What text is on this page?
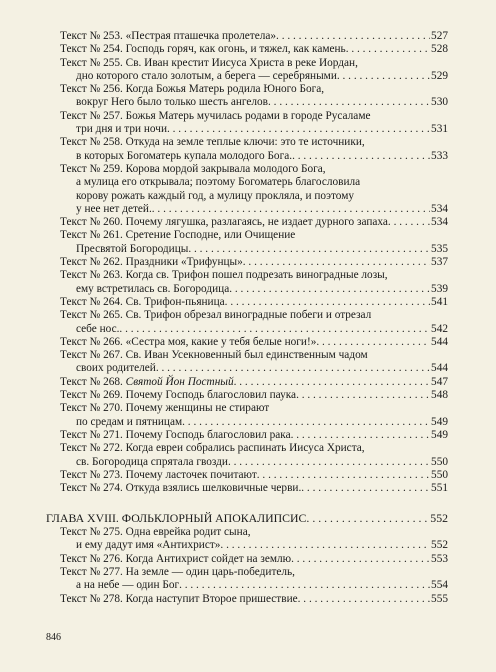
Текст № 253. «Пестрая пташечка пролетела» . . .	527
Текст № 254. Господь горяч, как огонь, и тяжел, как камень . . .	528
Текст № 255. Св. Иван крестит Иисуса Христа в реке Иордан,
дно которого стало золотым, а берега — серебряными . . .	529
Текст № 256. Когда Божья Матерь родила Юного Бога,
вокруг Него было только шесть ангелов . . .	530
Текст № 257. Божья Матерь мучилась родами в городе Русаламе
три дня и три ночи . . .	531
Текст № 258. Откуда на земле теплые ключи: это те источники,
в которых Богоматерь купала молодого Бога. . . .	533
Текст № 259. Корова мордой закрывала молодого Бога,
а мулица его открывала; поэтому Богоматерь благословила
корову рожать каждый год, а мулицу прокляла, и поэтому
у нее нет детей. . . .	534
Текст № 260. Почему лягушка, разлагаясь, не издает дурного запаха . . .	534
Текст № 261. Сретение Господне, или Очищение
Пресвятой Богородицы . . .	535
Текст № 262. Праздники «Трифунцы» . . .	537
Текст № 263. Когда св. Трифон пошел подрезать виноградные лозы,
ему встретилась св. Богородица . . .	539
Текст № 264. Св. Трифон-пьяница . . .	541
Текст № 265. Св. Трифон обрезал виноградные побеги и отрезал
себе нос. . . .	542
Текст № 266. «Сестра моя, какие у тебя белые ноги!» . . .	544
Текст № 267. Св. Иван Усекновенный был единственным чадом
своих родителей . . .	544
Текст № 268. Святой Йон Постный . . .	547
Текст № 269. Почему Господь благословил паука . . .	548
Текст № 270. Почему женщины не стирают
по средам и пятницам . . .	549
Текст № 271. Почему Господь благословил рака . . .	549
Текст № 272. Когда евреи собрались распинать Иисуса Христа,
св. Богородица спрятала гвозди . . .	550
Текст № 273. Почему ласточек почитают . . .	550
Текст № 274. Откуда взялись шелковичные черви. . . .	551
ГЛАВА XVIII. ФОЛЬКЛОРНЫЙ АПОКАЛИПСИС . . .	552
Текст № 275. Одна еврейка родит сына,
и ему дадут имя «Антихрист» . . .	552
Текст № 276. Когда Антихрист сойдет на землю . . .	553
Текст № 277. На земле — один царь-победитель,
а на небе — один Бог . . .	554
Текст № 278. Когда наступит Второе пришествие . . .	555
846
